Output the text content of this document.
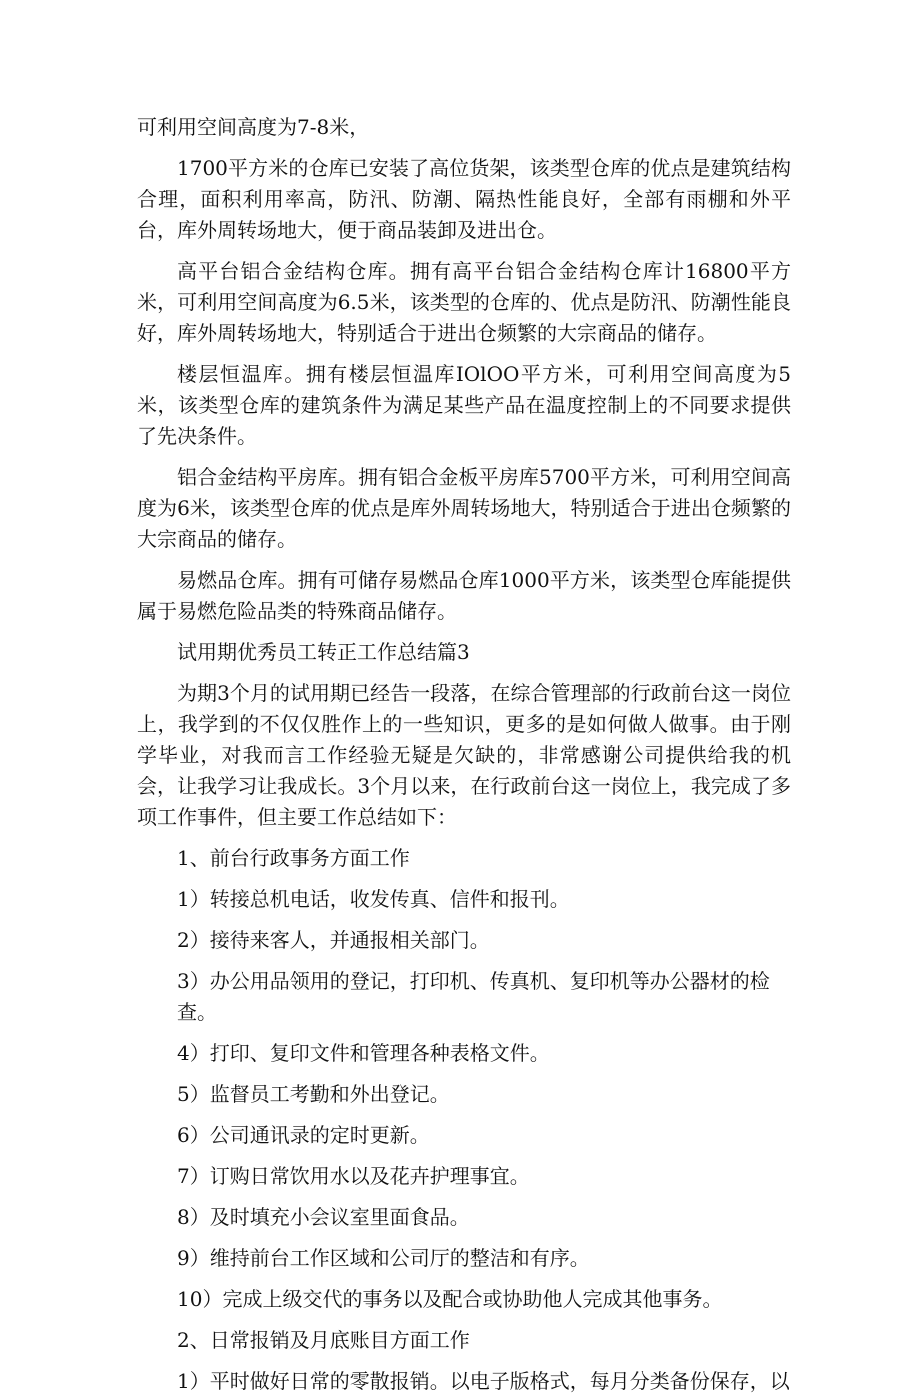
可利用空间高度为7-8米，

1700平方米的仓库已安装了高位货架，该类型仓库的优点是建筑结构合理，面积利用率高，防汛、防潮、隔热性能良好，全部有雨棚和外平台，库外周转场地大，便于商品装卸及进出仓。

高平台铝合金结构仓库。拥有高平台铝合金结构仓库计16800平方米，可利用空间高度为6.5米，该类型的仓库的、优点是防汛、防潮性能良好，库外周转场地大，特别适合于进出仓频繁的大宗商品的储存。

楼层恒温库。拥有楼层恒温库IOlOO平方米，可利用空间高度为5米，该类型仓库的建筑条件为满足某些产品在温度控制上的不同要求提供了先决条件。

铝合金结构平房库。拥有铝合金板平房库5700平方米，可利用空间高度为6米，该类型仓库的优点是库外周转场地大，特别适合于进出仓频繁的大宗商品的储存。

易燃品仓库。拥有可储存易燃品仓库1000平方米，该类型仓库能提供属于易燃危险品类的特殊商品储存。

试用期优秀员工转正工作总结篇3

为期3个月的试用期已经告一段落，在综合管理部的行政前台这一岗位上，我学到的不仅仅胜作上的一些知识，更多的是如何做人做事。由于刚学毕业，对我而言工作经验无疑是欠缺的，非常感谢公司提供给我的机会，让我学习让我成长。3个月以来，在行政前台这一岗位上，我完成了多项工作事件，但主要工作总结如下：

1、前台行政事务方面工作

1）转接总机电话，收发传真、信件和报刊。

2）接待来客人，并通报相关部门。

3）办公用品领用的登记，打印机、传真机、复印机等办公器材的检查。

4）打印、复印文件和管理各种表格文件。

5）监督员工考勤和外出登记。

6）公司通讯录的定时更新。

7）订购日常饮用水以及花卉护理事宜。

8）及时填充小会议室里面食品。

9）维持前台工作区域和公司厅的整洁和有序。

10）完成上级交代的事务以及配合或协助他人完成其他事务。

2、日常报销及月底账目方面工作

1）平时做好日常的零散报销。以电子版格式，每月分类备份保存，以
